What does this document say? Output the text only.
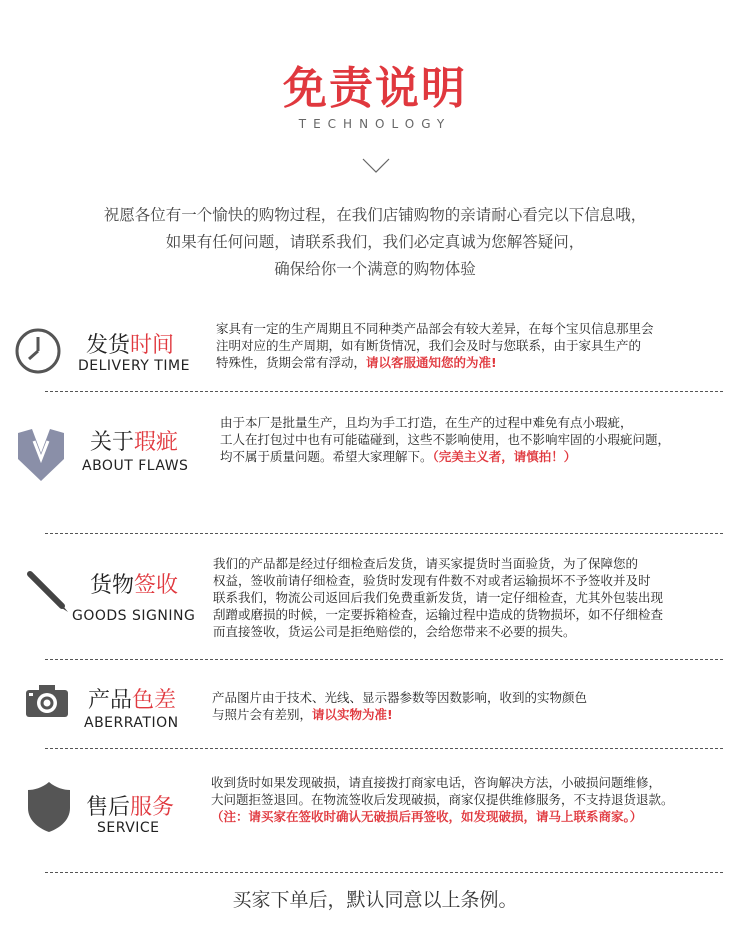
免责说明
TECHNOLOGY
祝愿各位有一个愉快的购物过程，在我们店铺购物的亲请耐心看完以下信息哦，
如果有任何问题，请联系我们，我们必定真诚为您解答疑问，
确保给你一个满意的购物体验
发货时间
DELIVERY TIME
家具有一定的生产周期且不同种类产品部会有较大差异，在每个宝贝信息那里会
注明对应的生产周期，如有断货情况，我们会及时与您联系，由于家具生产的
特殊性，货期会常有浮动，请以客服通知您的为准!
关于瑕疵
ABOUT FLAWS
由于本厂是批量生产，且均为手工打造，在生产的过程中难免有点小瑕疵，
工人在打包过中也有可能磕碰到，这些不影响使用，也不影响牢固的小瑕疵问题，
均不属于质量问题。希望大家理解下。（完美主义者，请慎拍！）
货物签收
GOODS SIGNING
我们的产品都是经过仔细检查后发货，请买家提货时当面验货，为了保障您的
权益，签收前请仔细检查，验货时发现有件数不对或者运输损坏不予签收并及时
联系我们，物流公司返回后我们免费重新发货，请一定仔细检查，尤其外包装出现
刮蹭或磨损的时候，一定要拆箱检查，运输过程中造成的货物损坏，如不仔细检查
而直接签收，货运公司是拒绝赔偿的，会给您带来不必要的损失。
产品色差
ABERRATION
产品图片由于技术、光线、显示器参数等因数影响，收到的实物颜色
与照片会有差别，请以实物为准!
售后服务
SERVICE
收到货时如果发现破损，请直接拨打商家电话，咨询解决方法，小破损问题维修，
大问题拒签退回。在物流签收后发现破损，商家仅提供维修服务，不支持退货退款。
（注：请买家在签收时确认无破损后再签收，如发现破损，请马上联系商家。）
买家下单后，默认同意以上条例。
